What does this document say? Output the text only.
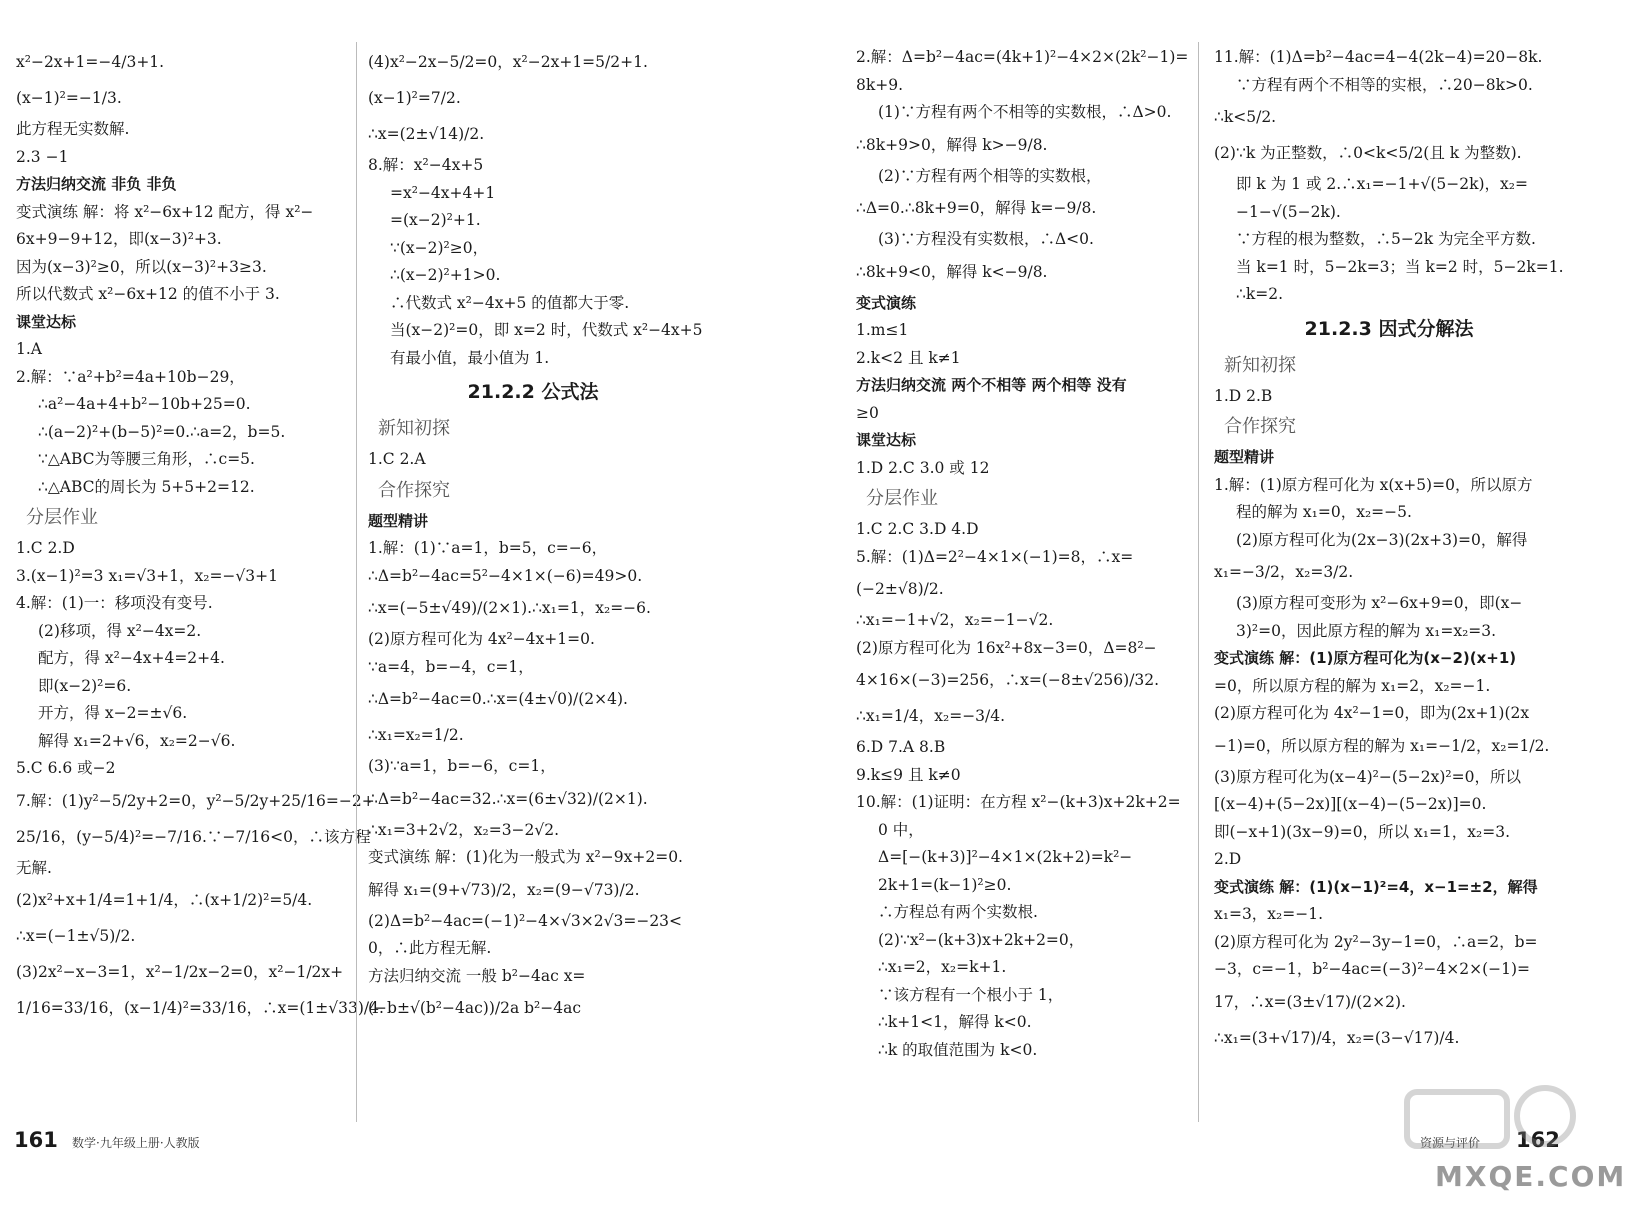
x²−2x+1=−4/3+1.
(x−1)²=−1/3.
此方程无实数解.
2.3 −1
方法归纳交流 非负 非负
变式演练 解：将 x²−6x+12 配方，得 x²−
6x+9−9+12，即(x−3)²+3.
因为(x−3)²≥0，所以(x−3)²+3≥3.
所以代数式 x²−6x+12 的值不小于 3.
课堂达标
1.A
2.解：∵a²+b²=4a+10b−29，
∴a²−4a+4+b²−10b+25=0.
∴(a−2)²+(b−5)²=0.∴a=2，b=5.
∵△ABC为等腰三角形，∴c=5.
∴△ABC的周长为 5+5+2=12.
分层作业
1.C 2.D
3.(x−1)²=3 x₁=√3+1，x₂=−√3+1
4.解：(1)一：移项没有变号.
(2)移项，得 x²−4x=2.
配方，得 x²−4x+4=2+4.
即(x−2)²=6.
开方，得 x−2=±√6.
解得 x₁=2+√6，x₂=2−√6.
5.C 6.6 或−2
7.解：(1)y²−5/2y+2=0，y²−5/2y+25/16=−2+
25/16，(y−5/4)²=−7/16.∵−7/16<0，∴该方程
无解.
(2)x²+x+1/4=1+1/4，∴(x+1/2)²=5/4.
∴x=(−1±√5)/2.
(3)2x²−x−3=1，x²−1/2x−2=0，x²−1/2x+
1/16=33/16，(x−1/4)²=33/16，∴x=(1±√33)/4.
(4)x²−2x−5/2=0，x²−2x+1=5/2+1.
(x−1)²=7/2.
∴x=(2±√14)/2.
8.解：x²−4x+5
=x²−4x+4+1
=(x−2)²+1.
∵(x−2)²≥0，
∴(x−2)²+1>0.
∴代数式 x²−4x+5 的值都大于零.
当(x−2)²=0，即 x=2 时，代数式 x²−4x+5
有最小值，最小值为 1.
21.2.2 公式法
新知初探
1.C 2.A
合作探究
题型精讲
1.解：(1)∵a=1，b=5，c=−6，
∴Δ=b²−4ac=5²−4×1×(−6)=49>0.
∴x=(−5±√49)/(2×1).∴x₁=1，x₂=−6.
(2)原方程可化为 4x²−4x+1=0.
∵a=4，b=−4，c=1，
∴Δ=b²−4ac=0.∴x=(4±√0)/(2×4).
∴x₁=x₂=1/2.
(3)∵a=1，b=−6，c=1，
∴Δ=b²−4ac=32.∴x=(6±√32)/(2×1).
∴x₁=3+2√2，x₂=3−2√2.
变式演练 解：(1)化为一般式为 x²−9x+2=0.
解得 x₁=(9+√73)/2，x₂=(9−√73)/2.
(2)Δ=b²−4ac=(−1)²−4×√3×2√3=−23<
0，∴此方程无解.
方法归纳交流 一般 b²−4ac x=
(−b±√(b²−4ac))/2a b²−4ac
161 数学·九年级上册·人教版
2.解：Δ=b²−4ac=(4k+1)²−4×2×(2k²−1)=
8k+9.
(1)∵方程有两个不相等的实数根，∴Δ>0.
∴8k+9>0，解得 k>−9/8.
(2)∵方程有两个相等的实数根，
∴Δ=0.∴8k+9=0，解得 k=−9/8.
(3)∵方程没有实数根，∴Δ<0.
∴8k+9<0，解得 k<−9/8.
变式演练
1.m≤1
2.k<2 且 k≠1
方法归纳交流 两个不相等 两个相等 没有
≥0
课堂达标
1.D 2.C 3.0 或 12
分层作业
1.C 2.C 3.D 4.D
5.解：(1)Δ=2²−4×1×(−1)=8，∴x=
(−2±√8)/2.
∴x₁=−1+√2，x₂=−1−√2.
(2)原方程可化为 16x²+8x−3=0，Δ=8²−
4×16×(−3)=256，∴x=(−8±√256)/32.
∴x₁=1/4，x₂=−3/4.
6.D 7.A 8.B
9.k≤9 且 k≠0
10.解：(1)证明：在方程 x²−(k+3)x+2k+2=
0 中，
Δ=[−(k+3)]²−4×1×(2k+2)=k²−
2k+1=(k−1)²≥0.
∴方程总有两个实数根.
(2)∵x²−(k+3)x+2k+2=0，
∴x₁=2，x₂=k+1.
∵该方程有一个根小于 1，
∴k+1<1，解得 k<0.
∴k 的取值范围为 k<0.
11.解：(1)Δ=b²−4ac=4−4(2k−4)=20−8k.
∵方程有两个不相等的实根，∴20−8k>0.
∴k<5/2.
(2)∵k 为正整数，∴0<k<5/2(且 k 为整数).
即 k 为 1 或 2.∴x₁=−1+√(5−2k)，x₂=
−1−√(5−2k).
∵方程的根为整数，∴5−2k 为完全平方数.
当 k=1 时，5−2k=3；当 k=2 时，5−2k=1.
∴k=2.
21.2.3 因式分解法
新知初探
1.D 2.B
合作探究
题型精讲
1.解：(1)原方程可化为 x(x+5)=0，所以原方
程的解为 x₁=0，x₂=−5.
(2)原方程可化为(2x−3)(2x+3)=0，解得
x₁=−3/2，x₂=3/2.
(3)原方程可变形为 x²−6x+9=0，即(x−
3)²=0，因此原方程的解为 x₁=x₂=3.
变式演练 解：(1)原方程可化为(x−2)(x+1)
=0，所以原方程的解为 x₁=2，x₂=−1.
(2)原方程可化为 4x²−1=0，即为(2x+1)(2x
−1)=0，所以原方程的解为 x₁=−1/2，x₂=1/2.
(3)原方程可化为(x−4)²−(5−2x)²=0，所以
[(x−4)+(5−2x)][(x−4)−(5−2x)]=0.
即(−x+1)(3x−9)=0，所以 x₁=1，x₂=3.
2.D
变式演练 解：(1)(x−1)²=4，x−1=±2，解得
x₁=3，x₂=−1.
(2)原方程可化为 2y²−3y−1=0，∴a=2，b=
−3，c=−1，b²−4ac=(−3)²−4×2×(−1)=
17，∴x=(3±√17)/(2×2).
∴x₁=(3+√17)/4，x₂=(3−√17)/4.
资源与评价 162
MXQE.COM
